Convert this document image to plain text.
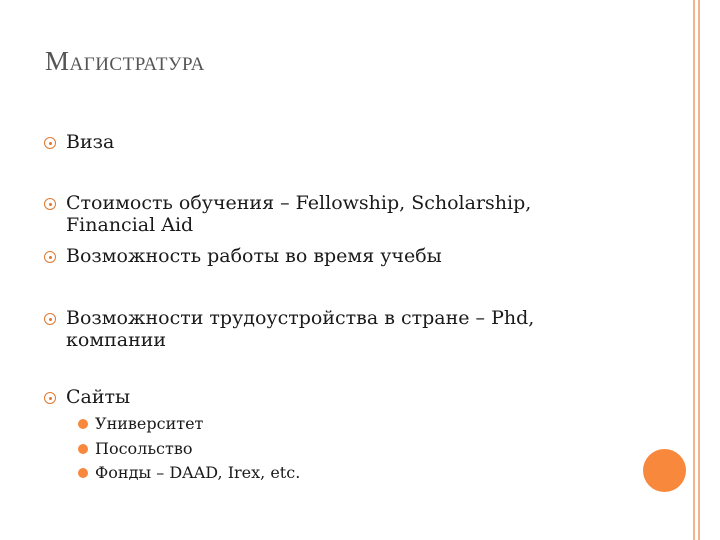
Магистратура
Виза
Стоимость обучения – Fellowship, Scholarship,
Financial Aid
Возможность работы во время учебы
Возможности трудоустройства в стране – Phd,
компании
Сайты
Университет
Посольство
Фонды – DAAD, Irex, etc.
